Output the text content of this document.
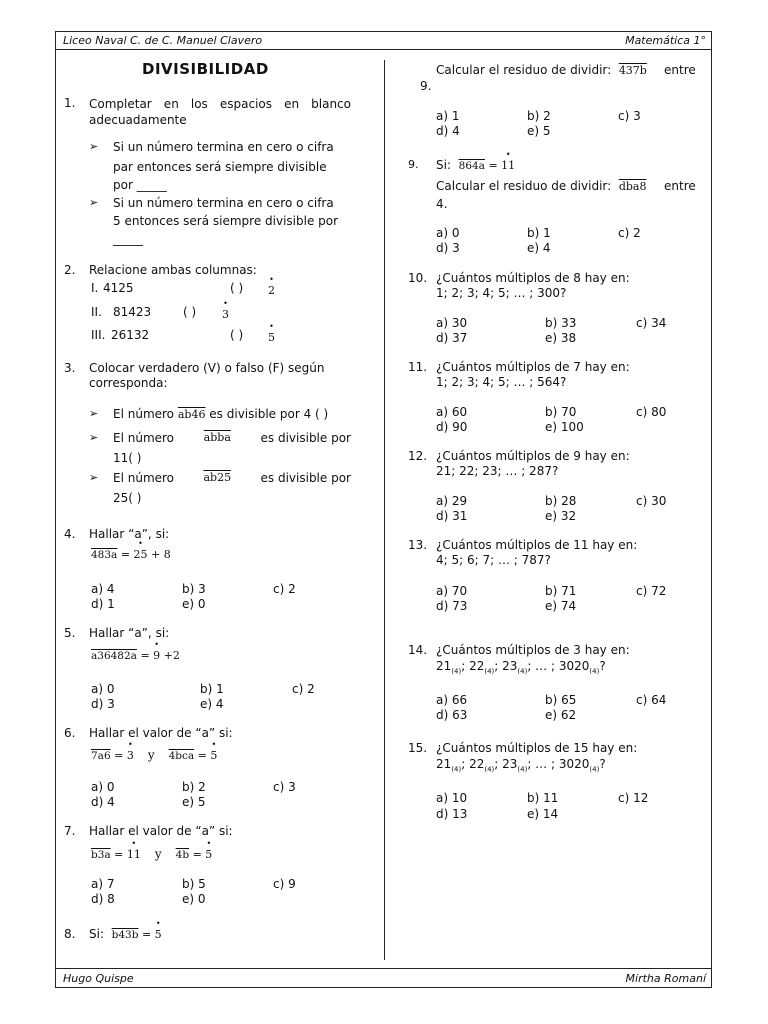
Liceo Naval C. de C. Manuel Clavero	Matemática 1°
Hugo Quispe	Mirtha Romaní
DIVISIBILIDAD
1. Completar en los espacios en blanco adecuadamente
➢ Si un número termina en cero o cifra
par entonces será siempre divisible
por _____
➢ Si un número termina en cero o cifra
5 entonces será siempre divisible por
_____
2. Relacione ambas columnas:
I. 4125	( ) • 2
II. 81423	( ) • 3
III. 26132	( ) • 5
3. Colocar verdadero (V) o falso (F) según
corresponda:
➢ El número ab46 es divisible por 4 ( )
➢ El número	abba es divisible por
11( )
➢ El número	ab25 es divisible por
25( )
4. Hallar “a”, si:
483a = • 25 + 8
a) 4	b) 3	c) 2
d) 1	e) 0
5. Hallar “a”, si:
a36482a = • 9 +2
a) 0	b) 1	c) 2
d) 3	e) 4
6. Hallar el valor de “a” si:
7a6 = • 3 y 4bca = • 5
a) 0	b) 2	c) 3
d) 4	e) 5
7. Hallar el valor de “a” si:
b3a = • 11 y 4b = • 5
a) 7	b) 5	c) 9
d) 8	e) 0
8. Si: b43b = • 5
Calcular el residuo de dividir: 437b entre
9.
a) 1	b) 2	c) 3
d) 4	e) 5
9. Si: 864a = • 11
Calcular el residuo de dividir: dba8 entre
4.
a) 0	b) 1	c) 2
d) 3	e) 4
10. ¿Cuántos múltiplos de 8 hay en:
1; 2; 3; 4; 5; … ; 300?
a) 30	b) 33	c) 34
d) 37	e) 38
11. ¿Cuántos múltiplos de 7 hay en:
1; 2; 3; 4; 5; … ; 564?
a) 60	b) 70	c) 80
d) 90	e) 100
12. ¿Cuántos múltiplos de 9 hay en:
21; 22; 23; … ; 287?
a) 29	b) 28	c) 30
d) 31	e) 32
13. ¿Cuántos múltiplos de 11 hay en:
4; 5; 6; 7; … ; 787?
a) 70	b) 71	c) 72
d) 73	e) 74
14. ¿Cuántos múltiplos de 3 hay en:
$21_{(4)}$; $22_{(4)}$; $23_{(4)}$; … ; $3020_{(4)}$?
a) 66	b) 65	c) 64
d) 63	e) 62
15. ¿Cuántos múltiplos de 15 hay en:
$21_{(4)}$; $22_{(4)}$; $23_{(4)}$; … ; $3020_{(4)}$?
a) 10	b) 11	c) 12
d) 13	e) 14
